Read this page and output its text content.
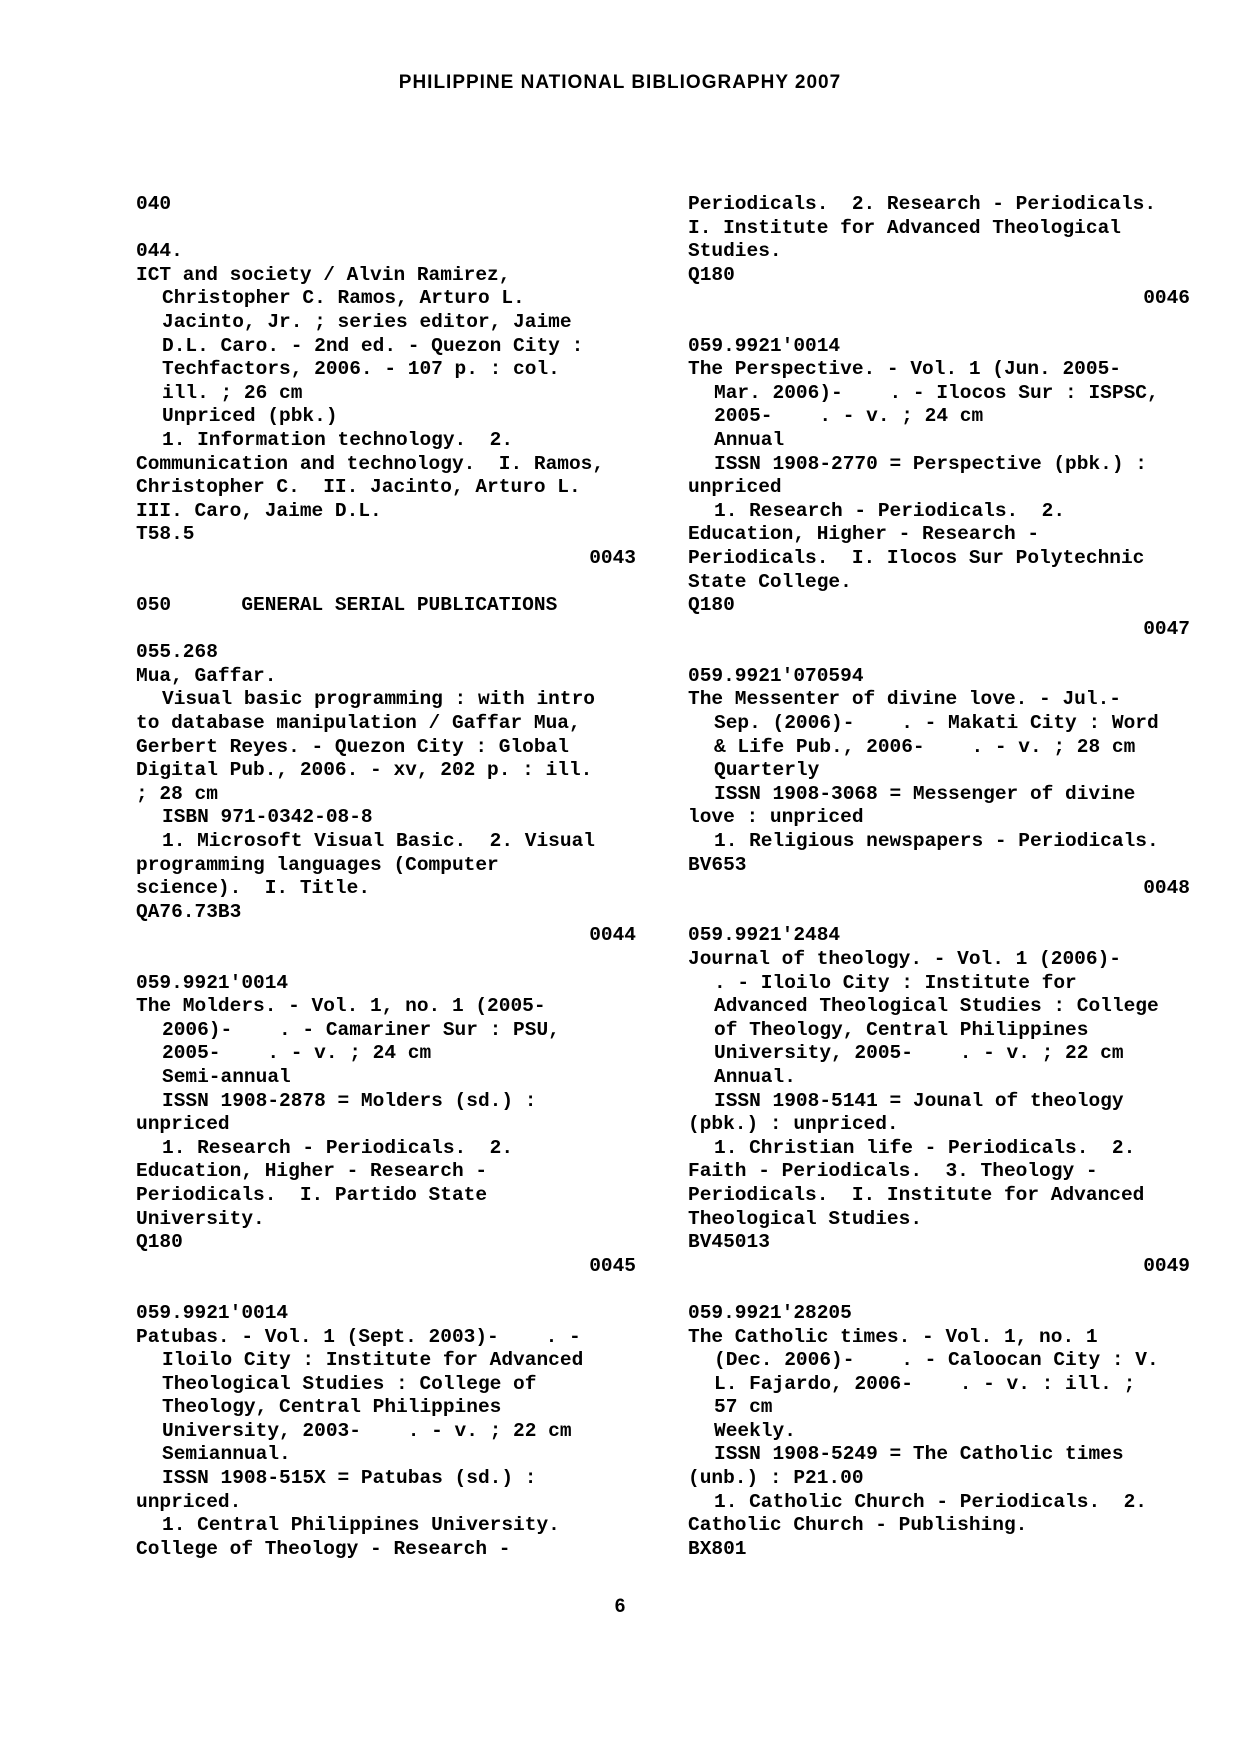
PHILIPPINE NATIONAL BIBLIOGRAPHY 2007
040
044.
ICT and society / Alvin Ramirez,
Christopher C. Ramos, Arturo L.
Jacinto, Jr. ; series editor, Jaime
D.L. Caro. - 2nd ed. - Quezon City :
Techfactors, 2006. - 107 p. : col.
ill. ; 26 cm
Unpriced (pbk.)
1. Information technology.  2.
Communication and technology.  I. Ramos,
Christopher C.  II. Jacinto, Arturo L.
III. Caro, Jaime D.L.
T58.5
0043
050      GENERAL SERIAL PUBLICATIONS
055.268
Mua, Gaffar.
Visual basic programming : with intro
to database manipulation / Gaffar Mua,
Gerbert Reyes. - Quezon City : Global
Digital Pub., 2006. - xv, 202 p. : ill.
; 28 cm
ISBN 971-0342-08-8
1. Microsoft Visual Basic.  2. Visual
programming languages (Computer
science).  I. Title.
QA76.73B3
0044
059.9921'0014
The Molders. - Vol. 1, no. 1 (2005-
2006)-    . - Camariner Sur : PSU,
2005-    . - v. ; 24 cm
Semi-annual
ISSN 1908-2878 = Molders (sd.) :
unpriced
1. Research - Periodicals.  2.
Education, Higher - Research -
Periodicals.  I. Partido State
University.
Q180
0045
059.9921'0014
Patubas. - Vol. 1 (Sept. 2003)-    . -
Iloilo City : Institute for Advanced
Theological Studies : College of
Theology, Central Philippines
University, 2003-    . - v. ; 22 cm
Semiannual.
ISSN 1908-515X = Patubas (sd.) :
unpriced.
1. Central Philippines University.
College of Theology - Research -
Periodicals.  2. Research - Periodicals.
I. Institute for Advanced Theological
Studies.
Q180
0046
059.9921'0014
The Perspective. - Vol. 1 (Jun. 2005-
Mar. 2006)-    . - Ilocos Sur : ISPSC,
2005-    . - v. ; 24 cm
Annual
ISSN 1908-2770 = Perspective (pbk.) :
unpriced
1. Research - Periodicals.  2.
Education, Higher - Research -
Periodicals.  I. Ilocos Sur Polytechnic
State College.
Q180
0047
059.9921'070594
The Messenter of divine love. - Jul.-
Sep. (2006)-    . - Makati City : Word
& Life Pub., 2006-    . - v. ; 28 cm
Quarterly
ISSN 1908-3068 = Messenger of divine
love : unpriced
1. Religious newspapers - Periodicals.
BV653
0048
059.9921'2484
Journal of theology. - Vol. 1 (2006)-
. - Iloilo City : Institute for
Advanced Theological Studies : College
of Theology, Central Philippines
University, 2005-    . - v. ; 22 cm
Annual.
ISSN 1908-5141 = Jounal of theology
(pbk.) : unpriced.
1. Christian life - Periodicals.  2.
Faith - Periodicals.  3. Theology -
Periodicals.  I. Institute for Advanced
Theological Studies.
BV45013
0049
059.9921'28205
The Catholic times. - Vol. 1, no. 1
(Dec. 2006)-    . - Caloocan City : V.
L. Fajardo, 2006-    . - v. : ill. ;
57 cm
Weekly.
ISSN 1908-5249 = The Catholic times
(unb.) : P21.00
1. Catholic Church - Periodicals.  2.
Catholic Church - Publishing.
BX801
6
